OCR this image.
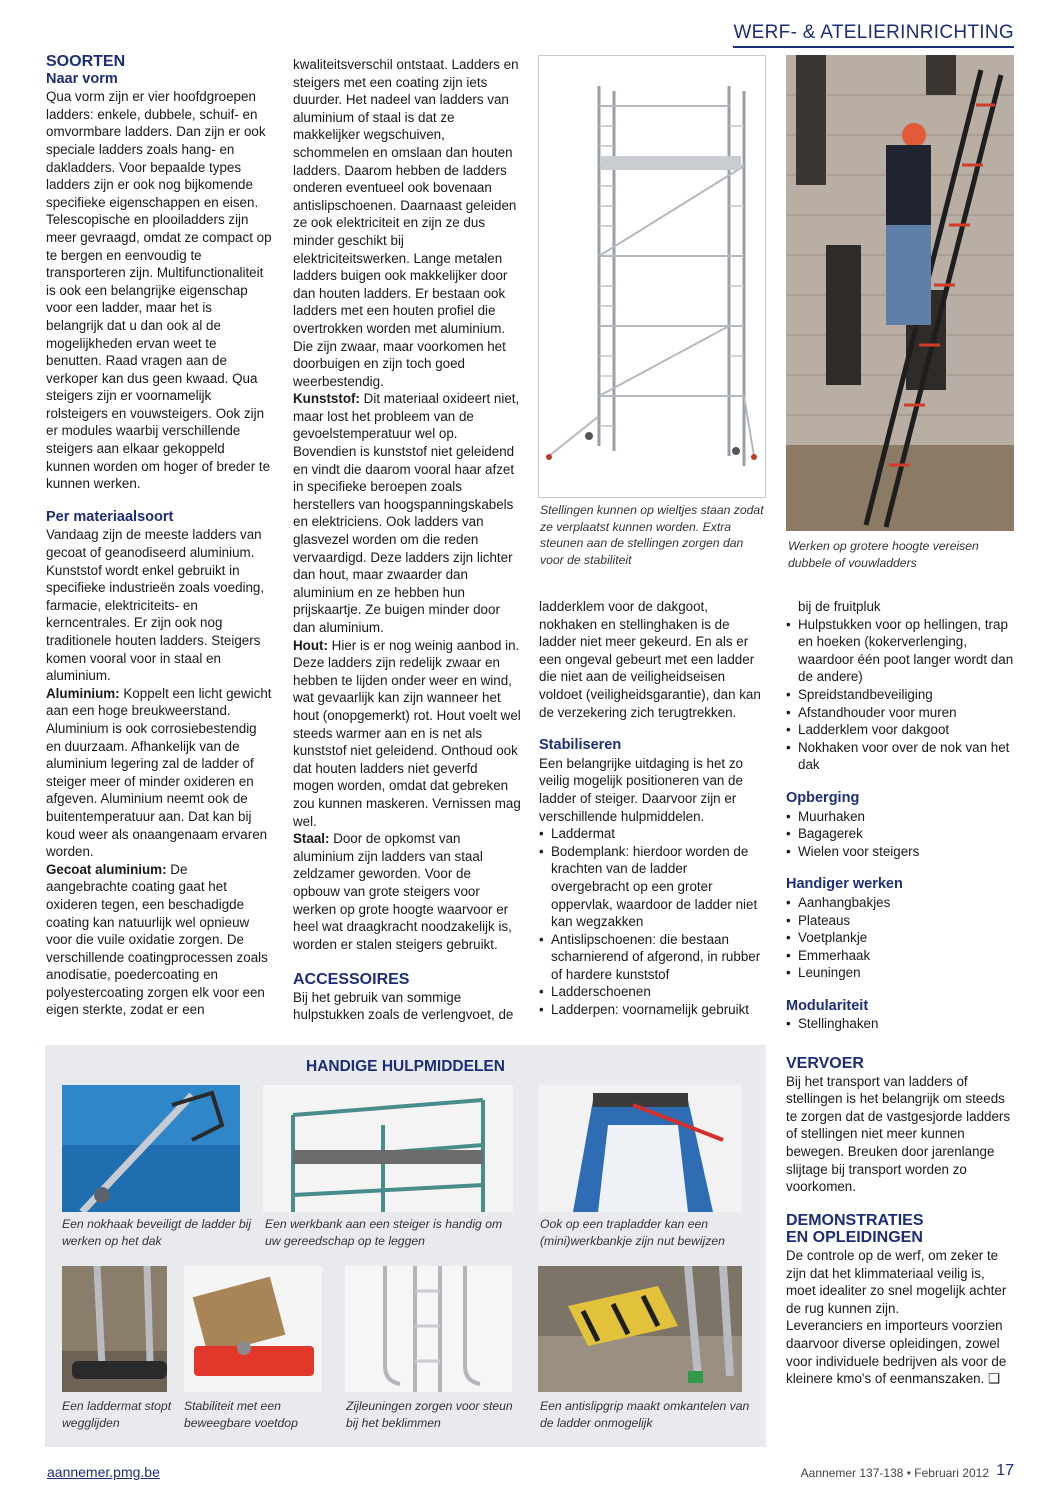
WERF- & ATELIERINRICHTING

SOORTEN

Naar vorm

Qua vorm zijn er vier hoofdgroepen ladders: enkele, dubbele, schuif- en omvormbare ladders. Dan zijn er ook speciale ladders zoals hang- en dakladders. Voor bepaalde types ladders zijn er ook nog bijkomende specifieke eigenschappen en eisen. Telescopische en plooiladders zijn meer gevraagd, omdat ze compact op te bergen en eenvoudig te transporteren zijn. Multifunctionaliteit is ook een belangrijke eigenschap voor een ladder, maar het is belangrijk dat u dan ook al de mogelijkheden ervan weet te benutten. Raad vragen aan de verkoper kan dus geen kwaad. Qua steigers zijn er voornamelijk rolsteigers en vouwsteigers. Ook zijn er modules waarbij verschillende steigers aan elkaar gekoppeld kunnen worden om hoger of breder te kunnen werken.

Per materiaalsoort

Vandaag zijn de meeste ladders van gecoat of geanodiseerd aluminium. Kunststof wordt enkel gebruikt in specifieke industrieën zoals voeding, farmacie, elektriciteits- en kerncentrales. Er zijn ook nog traditionele houten ladders. Steigers komen vooral voor in staal en aluminium.

Aluminium: Koppelt een licht gewicht aan een hoge breukweerstand. Aluminium is ook corrosiebestendig en duurzaam. Afhankelijk van de aluminium legering zal de ladder of steiger meer of minder oxideren en afgeven. Aluminium neemt ook de buitentemperatuur aan. Dat kan bij koud weer als onaangenaam ervaren worden.

Gecoat aluminium: De aangebrachte coating gaat het oxideren tegen, een beschadigde coating kan natuurlijk wel opnieuw voor die vuile oxidatie zorgen. De verschillende coatingprocessen zoals anodisatie, poedercoating en polyestercoating zorgen elk voor een eigen sterkte, zodat er een

kwaliteitsverschil ontstaat. Ladders en steigers met een coating zijn iets duurder. Het nadeel van ladders van aluminium of staal is dat ze makkelijker wegschuiven, schommelen en omslaan dan houten ladders. Daarom hebben de ladders onderen eventueel ook bovenaan antislipschoenen. Daarnaast geleiden ze ook elektriciteit en zijn ze dus minder geschikt bij elektriciteitswerken. Lange metalen ladders buigen ook makkelijker door dan houten ladders. Er bestaan ook ladders met een houten profiel die overtrokken worden met aluminium. Die zijn zwaar, maar voorkomen het doorbuigen en zijn toch goed weerbestendig.

Kunststof: Dit materiaal oxideert niet, maar lost het probleem van de gevoelstemperatuur wel op. Bovendien is kunststof niet geleidend en vindt die daarom vooral haar afzet in specifieke beroepen zoals herstellers van hoogspanningskabels en elektriciens. Ook ladders van glasvezel worden om die reden vervaardigd. Deze ladders zijn lichter dan hout, maar zwaarder dan aluminium en ze hebben hun prijskaartje. Ze buigen minder door dan aluminium.

Hout: Hier is er nog weinig aanbod in. Deze ladders zijn redelijk zwaar en hebben te lijden onder weer en wind, wat gevaarlijk kan zijn wanneer het hout (onopgemerkt) rot. Hout voelt wel steeds warmer aan en is net als kunststof niet geleidend. Onthoud ook dat houten ladders niet geverfd mogen worden, omdat dat gebreken zou kunnen maskeren. Vernissen mag wel.

Staal: Door de opkomst van aluminium zijn ladders van staal zeldzamer geworden. Voor de opbouw van grote steigers voor werken op grote hoogte waarvoor er heel wat draagkracht noodzakelijk is, worden er stalen steigers gebruikt.

ACCESSOIRES

Bij het gebruik van sommige hulpstukken zoals de verlengvoet, de

Stellingen kunnen op wieltjes staan zodat ze verplaatst kunnen worden. Extra steunen aan de stellingen zorgen dan voor de stabiliteit
Werken op grotere hoogte vereisen dubbele of vouwladders

ladderklem voor de dakgoot, nokhaken en stellinghaken is de ladder niet meer gekeurd. En als er een ongeval gebeurt met een ladder die niet aan de veiligheidseisen voldoet (veiligheidsgarantie), dan kan de verzekering zich terugtrekken.

Stabiliseren

Een belangrijke uitdaging is het zo veilig mogelijk positioneren van de ladder of steiger. Daarvoor zijn er verschillende hulpmiddelen.

• Laddermat
• Bodemplank: hierdoor worden de krachten van de ladder overgebracht op een groter oppervlak, waardoor de ladder niet kan wegzakken
• Antislipschoenen: die bestaan scharnierend of afgerond, in rubber of hardere kunststof
• Ladderschoenen
• Ladderpen: voornamelijk gebruikt

bij de fruitpluk

• Hulpstukken voor op hellingen, trap en hoeken (kokerverlenging, waardoor één poot langer wordt dan de andere)
• Spreidstandbeveiliging
• Afstandhouder voor muren
• Ladderklem voor dakgoot
• Nokhaken voor over de nok van het dak

Opberging

• Muurhaken
• Bagagerek
• Wielen voor steigers

Handiger werken

• Aanhangbakjes
• Plateaus
• Voetplankje
• Emmerhaak
• Leuningen

Modulariteit

• Stellinghaken

VERVOER

Bij het transport van ladders of stellingen is het belangrijk om steeds te zorgen dat de vastgesjorde ladders of stellingen niet meer kunnen bewegen. Breuken door jarenlange slijtage bij transport worden zo voorkomen.

DEMONSTRATIES

EN OPLEIDINGEN

De controle op de werf, om zeker te zijn dat het klimmateriaal veilig is, moet idealiter zo snel mogelijk achter de rug kunnen zijn.

Leveranciers en importeurs voorzien daarvoor diverse opleidingen, zowel voor individuele bedrijven als voor de kleinere kmo's of eenmanszaken. ❑

HANDIGE HULPMIDDELEN
Een nokhaak beveiligt de ladder bij werken op het dak
Een werkbank aan een steiger is handig om uw gereedschap op te leggen
Ook op een trapladder kan een (mini)werkbankje zijn nut bewijzen
Een laddermat stopt wegglijden
Stabiliteit met een beweegbare voetdop
Zijleuningen zorgen voor steun bij het beklimmen
Een antislipgrip maakt omkantelen van de ladder onmogelijk
aannemer.pmg.be	Aannemer 137-138 • Februari 2012 17
